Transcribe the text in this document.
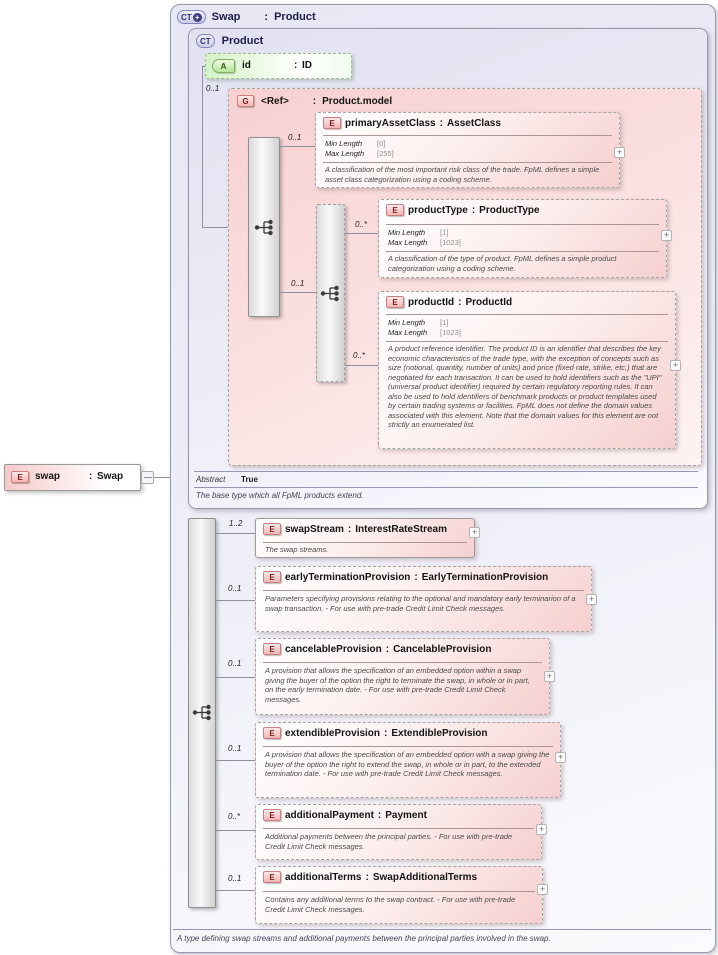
E	swap	: Swap
CT + Swap : Product
CT Product
A	id	: ID
0..1
G	<Ref> : Product.model
0..1
E	primaryAssetClass : AssetClass
Min Length	[0]
Max Length	[255]
A classification of the most important risk class of the trade. FpML defines a simple asset class categorization using a coding scheme.
+
0..1
0..*
E	productType : ProductType
Min Length	[1]
Max Length	[1023]
A classification of the type of product. FpML defines a simple product categorization using a coding scheme.
+
0..*
E	productId : ProductId
Min Length	[1]
Max Length	[1023]
A product reference identifier. The product ID is an identifier that describes the key economic characteristics of the trade type, with the exception of concepts such as size (notional, quantity, number of units) and price (fixed rate, strike, etc.) that are negotiated for each transaction. It can be used to hold identifiers such as the "UPI" (universal product identifier) required by certain regulatory reporting rules. It can also be used to hold identifiers of benchmark products or product templates used by certain trading systems or facilities. FpML does not define the domain values associated with this element. Note that the domain values for this element are not strictly an enumerated list.
+
Abstract True
The base type which all FpML products extend.
1..2
E	swapStream : InterestRateStream
The swap streams.
+
0..1
E	earlyTerminationProvision : EarlyTerminationProvision
Parameters specifying provisions relating to the optional and mandatory early terminarion of a swap transaction. - For use with pre-trade Credit Limit Check messages.
+
0..1
E	cancelableProvision : CancelableProvision
A provision that allows the specification of an embedded option within a swap giving the buyer of the option the right to terminate the swap, in whole or in part, on the early termination date. - For use with pre-trade Credit Limit Check messages.
+
0..1
E	extendibleProvision : ExtendibleProvision
A provision that allows the specification of an embedded option with a swap giving the buyer of the option the right to extend the swap, in whole or in part, to the extended termination date. - For use with pre-trade Credit Limit Check messages.
+
0..*	E	additionalPayment : Payment
Additional payments between the principal parties. - For use with pre-trade Credit Limit Check messages.
+
0..1	E	additionalTerms : SwapAdditionalTerms
Contains any additional terms to the swap contract. - For use with pre-trade Credit Limit Check messages.
+
A type defining swap streams and additional payments between the principal parties involved in the swap.
